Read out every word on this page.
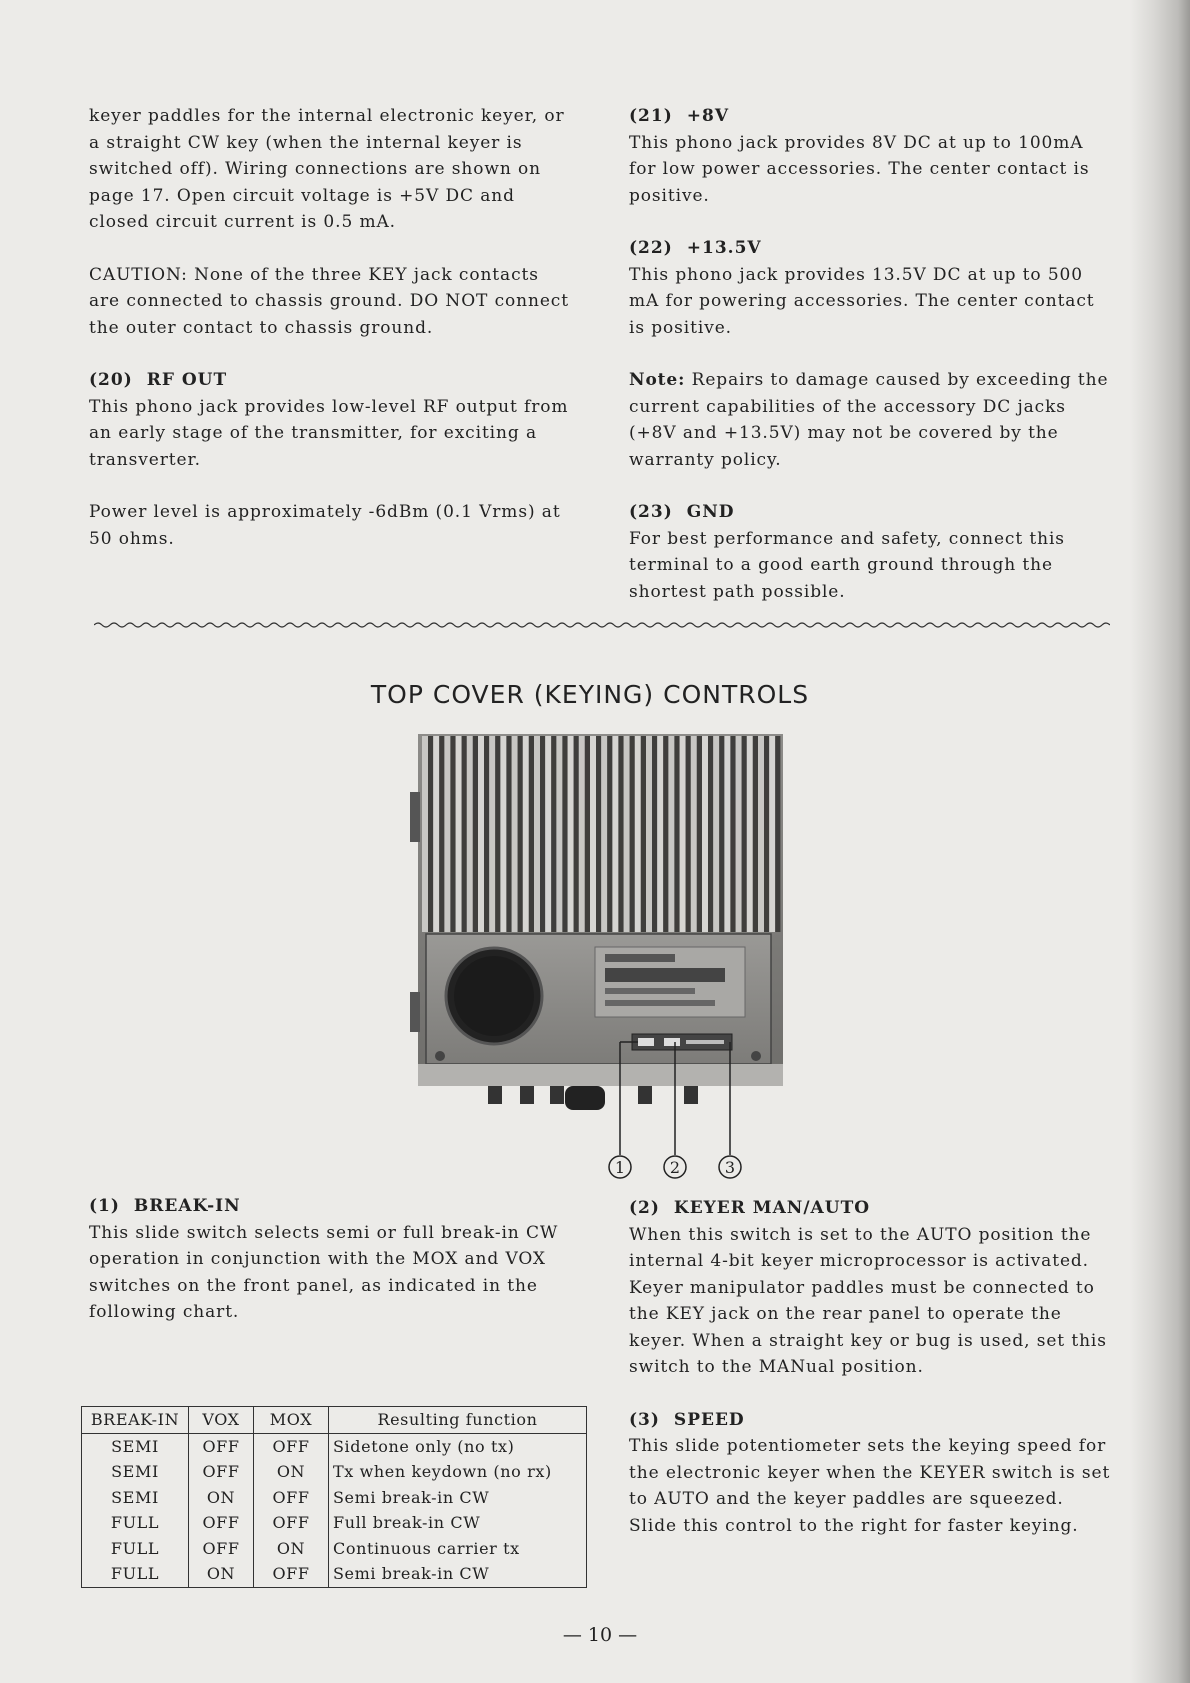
keyer paddles for the internal electronic keyer, or a straight CW key (when the internal keyer is switched off). Wiring connections are shown on page 17. Open circuit voltage is +5V DC and closed circuit current is 0.5 mA.

CAUTION: None of the three KEY jack contacts are connected to chassis ground. DO NOT connect the outer contact to chassis ground.

(20) RF OUT

This phono jack provides low-level RF output from an early stage of the transmitter, for exciting a transverter.

Power level is approximately -6dBm (0.1 Vrms) at 50 ohms.

(21) +8V

This phono jack provides 8V DC at up to 100mA for low power accessories. The center contact is positive.

(22) +13.5V

This phono jack provides 13.5V DC at up to 500 mA for powering accessories. The center contact is positive.

Note: Repairs to damage caused by exceeding the current capabilities of the accessory DC jacks (+8V and +13.5V) may not be covered by the warranty policy.

(23) GND

For best performance and safety, connect this terminal to a good earth ground through the shortest path possible.

TOP COVER (KEYING) CONTROLS
1	2	3
(1) BREAK-IN

This slide switch selects semi or full break-in CW operation in conjunction with the MOX and VOX switches on the front panel, as indicated in the following chart.

BREAK-IN	VOX	MOX	Resulting function
SEMI	OFF	OFF	Sidetone only (no tx)
SEMI	OFF	ON	Tx when keydown (no rx)
SEMI	ON	OFF	Semi break-in CW
FULL	OFF	OFF	Full break-in CW
FULL	OFF	ON	Continuous carrier tx
FULL	ON	OFF	Semi break-in CW
(2) KEYER MAN/AUTO

When this switch is set to the AUTO position the internal 4-bit keyer microprocessor is activated. Keyer manipulator paddles must be connected to the KEY jack on the rear panel to operate the keyer. When a straight key or bug is used, set this switch to the MANual position.

(3) SPEED

This slide potentiometer sets the keying speed for the electronic keyer when the KEYER switch is set to AUTO and the keyer paddles are squeezed. Slide this control to the right for faster keying.

— 10 —
